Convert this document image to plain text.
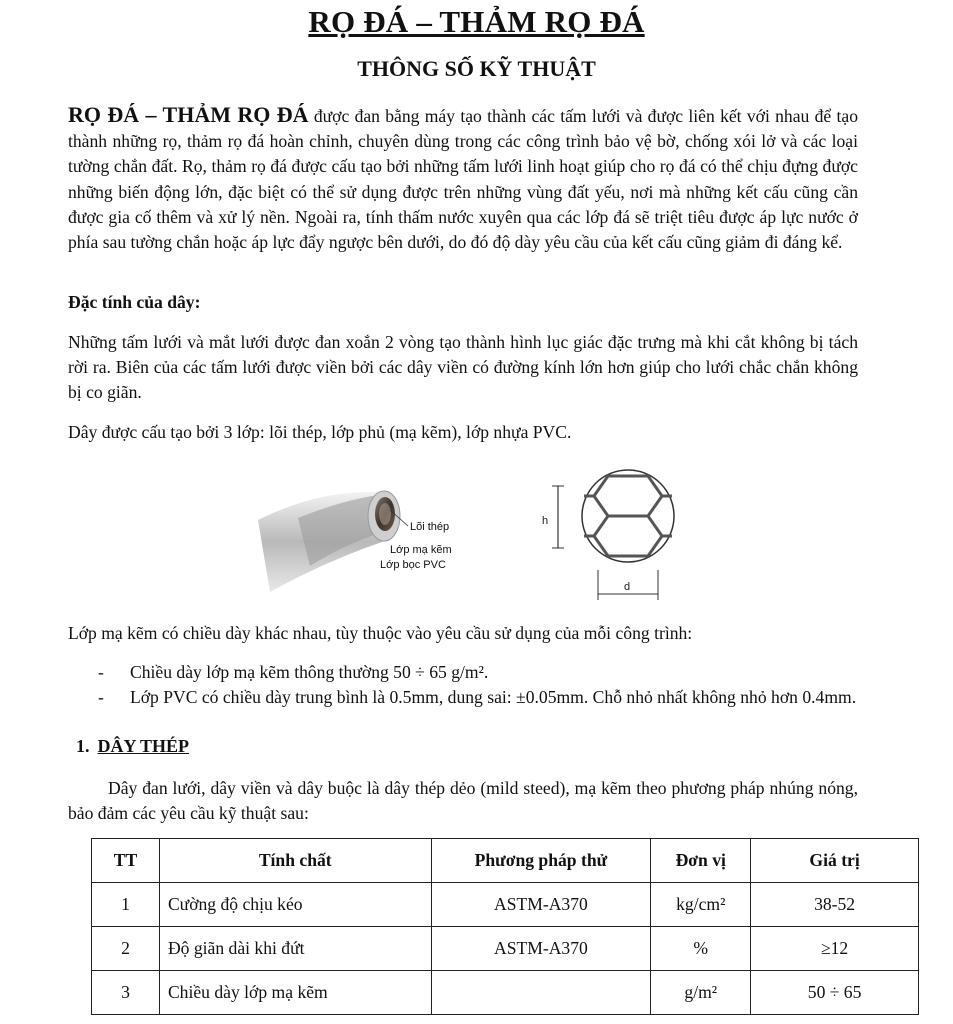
RỌ ĐÁ – THẢM RỌ ĐÁ
THÔNG SỐ KỸ THUẬT
RỌ ĐÁ – THẢM RỌ ĐÁ được đan bằng máy tạo thành các tấm lưới và được liên kết với nhau để tạo thành những rọ, thảm rọ đá hoàn chỉnh, chuyên dùng trong các công trình bảo vệ bờ, chống xói lở và các loại tường chắn đất. Rọ, thảm rọ đá được cấu tạo bởi những tấm lưới linh hoạt giúp cho rọ đá có thể chịu đựng được những biến động lớn, đặc biệt có thể sử dụng được trên những vùng đất yếu, nơi mà những kết cấu cũng cần được gia cố thêm và xử lý nền. Ngoài ra, tính thấm nước xuyên qua các lớp đá sẽ triệt tiêu được áp lực nước ở phía sau tường chắn hoặc áp lực đẩy ngược bên dưới, do đó độ dày yêu cầu của kết cấu cũng giảm đi đáng kể.
Đặc tính của dây:
Những tấm lưới và mắt lưới được đan xoắn 2 vòng tạo thành hình lục giác đặc trưng mà khi cắt không bị tách rời ra. Biên của các tấm lưới được viền bởi các dây viền có đường kính lớn hơn giúp cho lưới chắc chắn không bị co giãn.
Dây được cấu tạo bởi 3 lớp: lõi thép, lớp phủ (mạ kẽm), lớp nhựa PVC.
Lõi thép
Lớp mạ kẽm
Lớp bọc PVC
h
d
Lớp mạ kẽm có chiều dày khác nhau, tùy thuộc vào yêu cầu sử dụng của mỗi công trình:
-	Chiều dày lớp mạ kẽm thông thường 50 ÷ 65 g/m².
-	Lớp PVC có chiều dày trung bình là 0.5mm, dung sai: ±0.05mm. Chỗ nhỏ nhất không nhỏ hơn 0.4mm.
1. DÂY THÉP
Dây đan lưới, dây viền và dây buộc là dây thép dẻo (mild steed), mạ kẽm theo phương pháp nhúng nóng, bảo đảm các yêu cầu kỹ thuật sau:
TT	Tính chất	Phương pháp thử	Đơn vị	Giá trị
1	Cường độ chịu kéo	ASTM-A370	kg/cm²	38-52
2	Độ giãn dài khi đứt	ASTM-A370	%	≥12
3	Chiều dày lớp mạ kẽm		g/m²	50 ÷ 65
